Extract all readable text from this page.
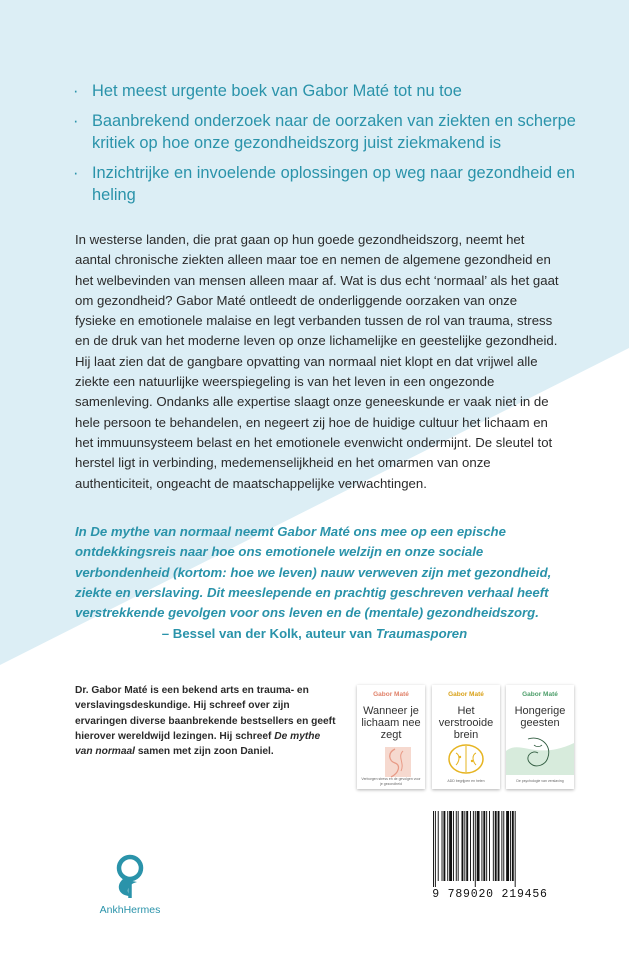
· Het meest urgente boek van Gabor Maté tot nu toe
· Baanbrekend onderzoek naar de oorzaken van ziekten en scherpe kritiek op hoe onze gezondheidszorg juist ziekmakend is
· Inzichtrijke en invoelende oplossingen op weg naar gezondheid en heling

In westerse landen, die prat gaan op hun goede gezondheidszorg, neemt het aantal chronische ziekten alleen maar toe en nemen de algemene gezondheid en het welbevinden van mensen alleen maar af. Wat is dus echt ‘normaal’ als het gaat om gezondheid? Gabor Maté ontleedt de onderliggende oorzaken van onze fysieke en emotionele malaise en legt verbanden tussen de rol van trauma, stress en de druk van het moderne leven op onze lichamelijke en geestelijke gezondheid. Hij laat zien dat de gangbare opvatting van normaal niet klopt en dat vrijwel alle ziekte een natuurlijke weerspiegeling is van het leven in een ongezonde samenleving. Ondanks alle expertise slaagt onze geneeskunde er vaak niet in de hele persoon te behandelen, en negeert zij hoe de huidige cultuur het lichaam en het immuunsysteem belast en het emotionele evenwicht ondermijnt. De sleutel tot herstel ligt in verbinding, medemenselijkheid en het omarmen van onze authenticiteit, ongeacht de maatschappelijke verwachtingen.

In De mythe van normaal neemt Gabor Maté ons mee op een epische ontdekkingsreis naar hoe ons emotionele welzijn en onze sociale verbondenheid (kortom: hoe we leven) nauw verweven zijn met gezondheid, ziekte en verslaving. Dit meeslepende en prachtig geschreven verhaal heeft verstrekkende gevolgen voor ons leven en de (mentale) gezondheidszorg.

– Bessel van der Kolk, auteur van Traumasporen

Dr. Gabor Maté is een bekend arts en trauma- en verslavingsdeskundige. Hij schreef over zijn ervaringen diverse baanbrekende bestsellers en geeft hierover wereldwijd lezingen. Hij schreef De mythe van normaal samen met zijn zoon Daniel.

Gabor Maté
Wanneer je lichaam nee zegt
Verborgen stress en de gevolgen voor je gezondheid
Gabor Maté
Het verstrooide brein
ADD begrijpen en helen
Gabor Maté
Hongerige geesten
De psychologie van verslaving
9 789020 219456
AnkhHermes
